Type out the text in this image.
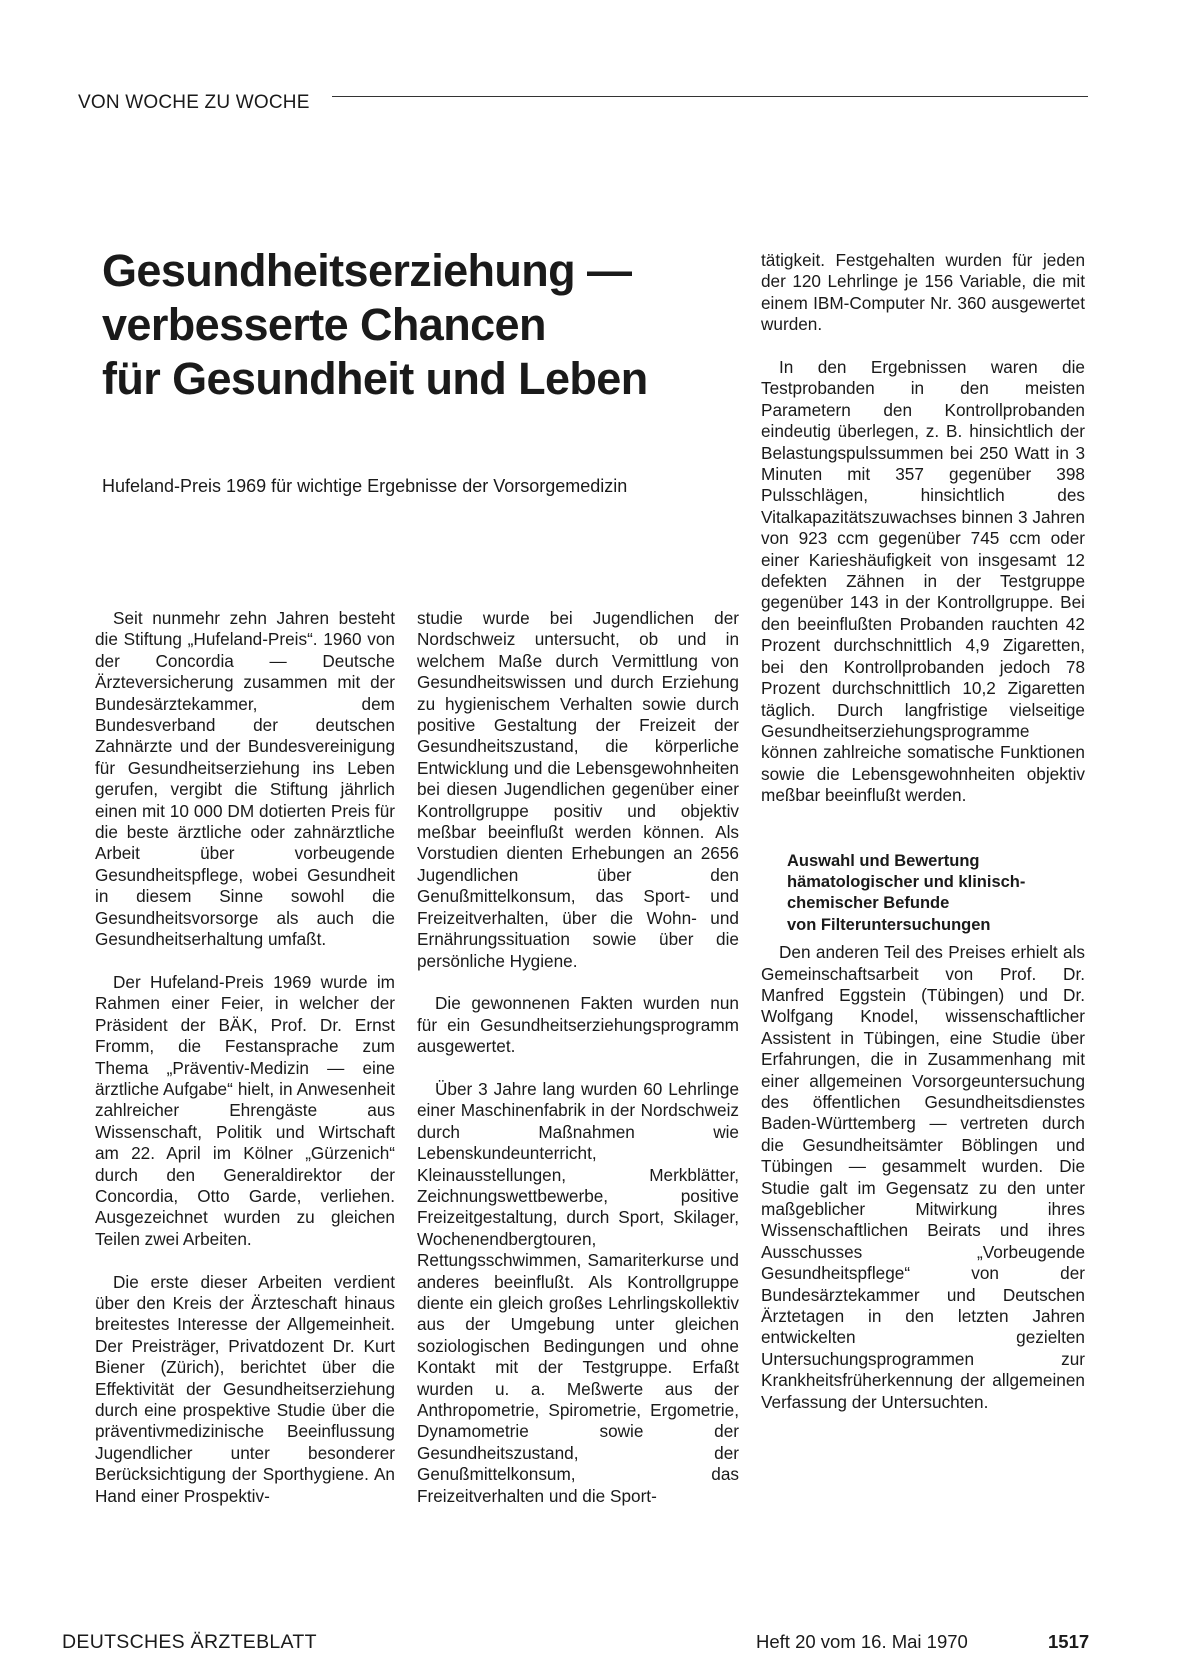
VON WOCHE ZU WOCHE
Gesundheitserziehung —
verbesserte Chancen
für Gesundheit und Leben
Hufeland-Preis 1969 für wichtige Ergebnisse der Vorsorgemedizin

Seit nunmehr zehn Jahren besteht die Stiftung „Hufeland-Preis“. 1960 von der Concordia — Deutsche Ärzteversicherung zusammen mit der Bundesärztekammer, dem Bundesverband der deutschen Zahnärzte und der Bundesvereinigung für Gesundheitserziehung ins Leben gerufen, vergibt die Stiftung jährlich einen mit 10 000 DM dotierten Preis für die beste ärztliche oder zahnärztliche Arbeit über vorbeugende Gesundheitspflege, wobei Gesundheit in diesem Sinne sowohl die Gesundheitsvorsorge als auch die Gesundheitserhaltung umfaßt.

Der Hufeland-Preis 1969 wurde im Rahmen einer Feier, in welcher der Präsident der BÄK, Prof. Dr. Ernst Fromm, die Festansprache zum Thema „Präventiv-Medizin — eine ärztliche Aufgabe“ hielt, in Anwesenheit zahlreicher Ehrengäste aus Wissenschaft, Politik und Wirtschaft am 22. April im Kölner „Gürzenich“ durch den Generaldirektor der Concordia, Otto Garde, verliehen. Ausgezeichnet wurden zu gleichen Teilen zwei Arbeiten.

Die erste dieser Arbeiten verdient über den Kreis der Ärzteschaft hinaus breitestes Interesse der Allgemeinheit. Der Preisträger, Privatdozent Dr. Kurt Biener (Zürich), berichtet über die Effektivität der Gesundheitserziehung durch eine prospektive Studie über die präventivmedizinische Beeinflussung Jugendlicher unter besonderer Berücksichtigung der Sporthygiene. An Hand einer Prospektiv-

studie wurde bei Jugendlichen der Nordschweiz untersucht, ob und in welchem Maße durch Vermittlung von Gesundheitswissen und durch Erziehung zu hygienischem Verhalten sowie durch positive Gestaltung der Freizeit der Gesundheitszustand, die körperliche Entwicklung und die Lebensgewohnheiten bei diesen Jugendlichen gegenüber einer Kontrollgruppe positiv und objektiv meßbar beeinflußt werden können. Als Vorstudien dienten Erhebungen an 2656 Jugendlichen über den Genußmittelkonsum, das Sport- und Freizeitverhalten, über die Wohn- und Ernährungssituation sowie über die persönliche Hygiene.

Die gewonnenen Fakten wurden nun für ein Gesundheitserziehungsprogramm ausgewertet.

Über 3 Jahre lang wurden 60 Lehrlinge einer Maschinenfabrik in der Nordschweiz durch Maßnahmen wie Lebenskundeunterricht, Kleinausstellungen, Merkblätter, Zeichnungswettbewerbe, positive Freizeitgestaltung, durch Sport, Skilager, Wochenendbergtouren, Rettungsschwimmen, Samariterkurse und anderes beeinflußt. Als Kontrollgruppe diente ein gleich großes Lehrlingskollektiv aus der Umgebung unter gleichen soziologischen Bedingungen und ohne Kontakt mit der Testgruppe. Erfaßt wurden u. a. Meßwerte aus der Anthropometrie, Spirometrie, Ergometrie, Dynamometrie sowie der Gesundheitszustand, der Genußmittelkonsum, das Freizeitverhalten und die Sport-

tätigkeit. Festgehalten wurden für jeden der 120 Lehrlinge je 156 Variable, die mit einem IBM-Computer Nr. 360 ausgewertet wurden.

In den Ergebnissen waren die Testprobanden in den meisten Parametern den Kontrollprobanden eindeutig überlegen, z. B. hinsichtlich der Belastungspulssummen bei 250 Watt in 3 Minuten mit 357 gegenüber 398 Pulsschlägen, hinsichtlich des Vitalkapazitätszuwachses binnen 3 Jahren von 923 ccm gegenüber 745 ccm oder einer Karieshäufigkeit von insgesamt 12 defekten Zähnen in der Testgruppe gegenüber 143 in der Kontrollgruppe. Bei den beeinflußten Probanden rauchten 42 Prozent durchschnittlich 4,9 Zigaretten, bei den Kontrollprobanden jedoch 78 Prozent durchschnittlich 10,2 Zigaretten täglich. Durch langfristige vielseitige Gesundheitserziehungsprogramme können zahlreiche somatische Funktionen sowie die Lebensgewohnheiten objektiv meßbar beeinflußt werden.

Auswahl und Bewertung
hämatologischer und klinisch-
chemischer Befunde
von Filteruntersuchungen

Den anderen Teil des Preises erhielt als Gemeinschaftsarbeit von Prof. Dr. Manfred Eggstein (Tübingen) und Dr. Wolfgang Knodel, wissenschaftlicher Assistent in Tübingen, eine Studie über Erfahrungen, die in Zusammenhang mit einer allgemeinen Vorsorgeuntersuchung des öffentlichen Gesundheitsdienstes Baden-Württemberg — vertreten durch die Gesundheitsämter Böblingen und Tübingen — gesammelt wurden. Die Studie galt im Gegensatz zu den unter maßgeblicher Mitwirkung ihres Wissenschaftlichen Beirats und ihres Ausschusses „Vorbeugende Gesundheitspflege“ von der Bundesärztekammer und Deutschen Ärztetagen in den letzten Jahren entwickelten gezielten Untersuchungsprogrammen zur Krankheitsfrüherkennung der allgemeinen Verfassung der Untersuchten.

DEUTSCHES ÄRZTEBLATT	Heft 20 vom 16. Mai 1970	1517
